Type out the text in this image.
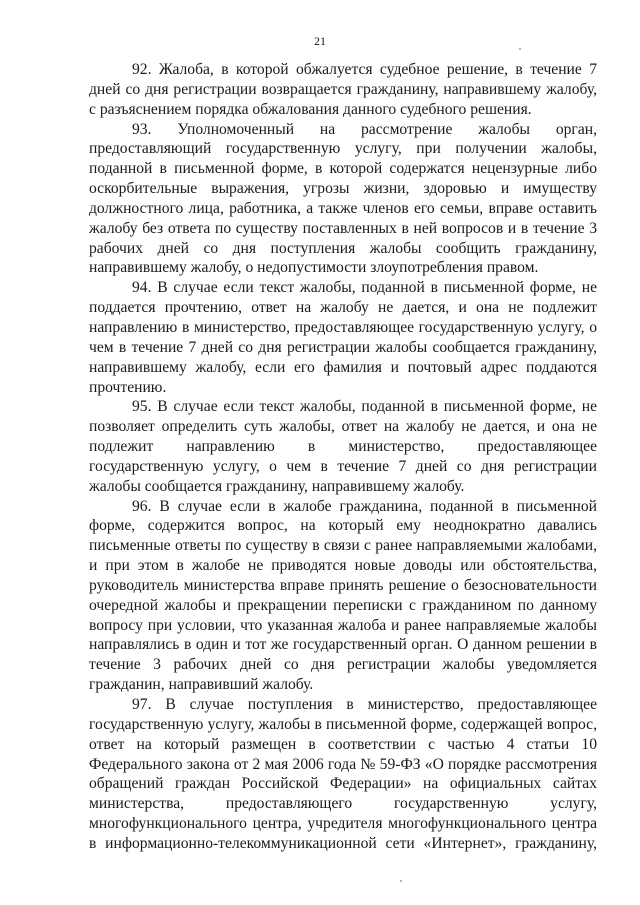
21

92. Жалоба, в которой обжалуется судебное решение, в течение 7 дней со дня регистрации возвращается гражданину, направившему жалобу, с разъяснением порядка обжалования данного судебного решения.

93. Уполномоченный на рассмотрение жалобы орган, предоставляющий государственную услугу, при получении жалобы, поданной в письменной форме, в которой содержатся нецензурные либо оскорбительные выражения, угрозы жизни, здоровью и имуществу должностного лица, работника, а также членов его семьи, вправе оставить жалобу без ответа по существу поставленных в ней вопросов и в течение 3 рабочих дней со дня поступления жалобы сообщить гражданину, направившему жалобу, о недопустимости злоупотребления правом.

94. В случае если текст жалобы, поданной в письменной форме, не поддается прочтению, ответ на жалобу не дается, и она не подлежит направлению в министерство, предоставляющее государственную услугу, о чем в течение 7 дней со дня регистрации жалобы сообщается гражданину, направившему жалобу, если его фамилия и почтовый адрес поддаются прочтению.

95. В случае если текст жалобы, поданной в письменной форме, не позволяет определить суть жалобы, ответ на жалобу не дается, и она не подлежит направлению в министерство, предоставляющее государственную услугу, о чем в течение 7 дней со дня регистрации жалобы сообщается гражданину, направившему жалобу.

96. В случае если в жалобе гражданина, поданной в письменной форме, содержится вопрос, на который ему неоднократно давались письменные ответы по существу в связи с ранее направляемыми жалобами, и при этом в жалобе не приводятся новые доводы или обстоятельства, руководитель министерства вправе принять решение о безосновательности очередной жалобы и прекращении переписки с гражданином по данному вопросу при условии, что указанная жалоба и ранее направляемые жалобы направлялись в один и тот же государственный орган. О данном решении в течение 3 рабочих дней со дня регистрации жалобы уведомляется гражданин, направивший жалобу.

97. В случае поступления в министерство, предоставляющее государственную услугу, жалобы в письменной форме, содержащей вопрос, ответ на который размещен в соответствии с частью 4 статьи 10 Федерального закона от 2 мая 2006 года № 59-ФЗ «О порядке рассмотрения обращений граждан Российской Федерации» на официальных сайтах министерства, предоставляющего государственную услугу, многофункционального центра, учредителя многофункционального центра в информационно-телекоммуникационной сети «Интернет», гражданину,
